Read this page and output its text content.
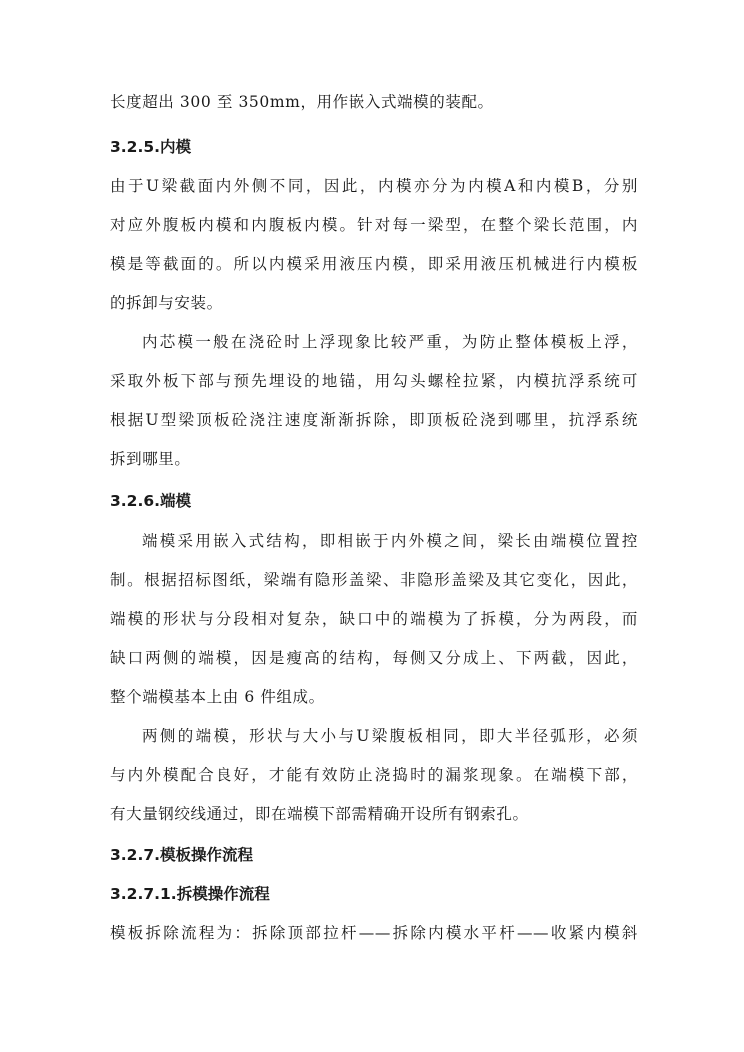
长度超出 300 至 350mm，用作嵌入式端模的装配。

3.2.5.内模

由于U梁截面内外侧不同，因此，内模亦分为内模A和内模B，分别

对应外腹板内模和内腹板内模。针对每一梁型，在整个梁长范围，内

模是等截面的。所以内模采用液压内模，即采用液压机械进行内模板

的拆卸与安装。

内芯模一般在浇砼时上浮现象比较严重，为防止整体模板上浮，

采取外板下部与预先埋设的地锚，用勾头螺栓拉紧，内模抗浮系统可

根据U型梁顶板砼浇注速度渐渐拆除，即顶板砼浇到哪里，抗浮系统

拆到哪里。

3.2.6.端模

端模采用嵌入式结构，即相嵌于内外模之间，梁长由端模位置控

制。根据招标图纸，梁端有隐形盖梁、非隐形盖梁及其它变化，因此，

端模的形状与分段相对复杂，缺口中的端模为了拆模，分为两段，而

缺口两侧的端模，因是瘦高的结构，每侧又分成上、下两截，因此，

整个端模基本上由 6 件组成。

两侧的端模，形状与大小与U梁腹板相同，即大半径弧形，必须

与内外模配合良好，才能有效防止浇捣时的漏浆现象。在端模下部，

有大量钢绞线通过，即在端模下部需精确开设所有钢索孔。

3.2.7.模板操作流程
3.2.7.1.拆模操作流程

模板拆除流程为：拆除顶部拉杆——拆除内模水平杆——收紧内模斜
